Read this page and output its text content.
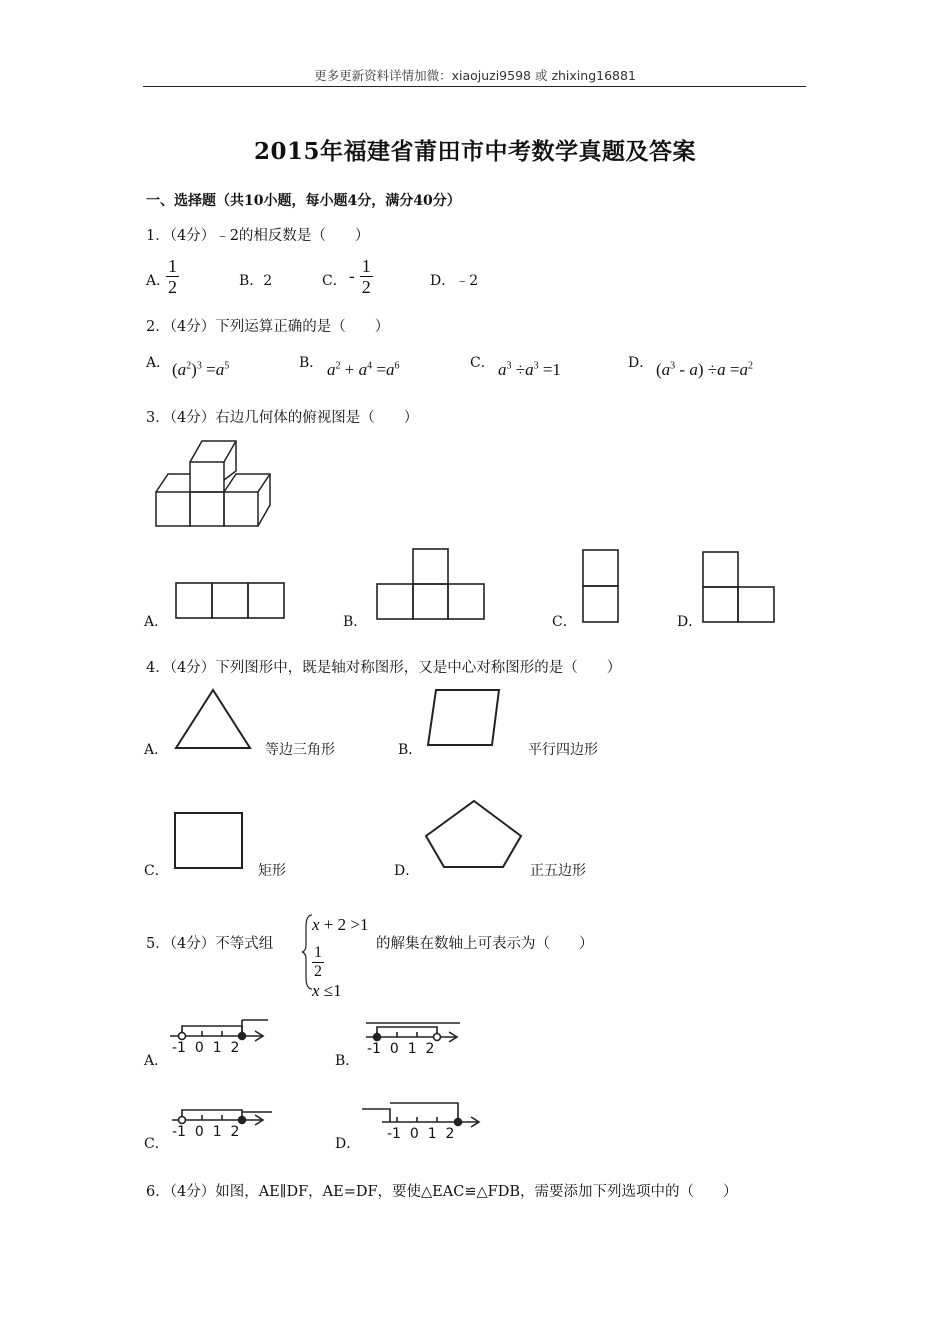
更多更新资料详情加微：xiaojuzi9598 或 zhixing16881
2015年福建省莆田市中考数学真题及答案
一、选择题（共10小题，每小题4分，满分40分）
1．（4分）﹣2的相反数是（　　）
A．
$\frac{1}{2}$	B．2	C． - $\frac{1}{2}$	D．﹣2
2．（4分）下列运算正确的是（　　）
A． $(a^2)^3 =a^5$	B． $a^2 + a^4 =a^6$	C． $a^3 \div a^3 =1$	D． $(a^3 - a) \div a =a^2$
3．（4分）右边几何体的俯视图是（　　）
A．	B．	C．	D．
4．（4分）下列图形中，既是轴对称图形，又是中心对称图形的是（　　）
A．	等边三角形	B．	平行四边形
C．	矩形	D．	正五边形
5．（4分）不等式组
x + 2 >1
$\frac{1}{2}$
x ≤1
的解集在数轴上可表示为（　　）
A．	B．
C．	D．
-1 0 1 2	-1 0 1 2
-1 0 1 2	-1 0 1 2
6．（4分）如图，AE∥DF，AE=DF，要使△EAC≌△FDB，需要添加下列选项中的（　　）
